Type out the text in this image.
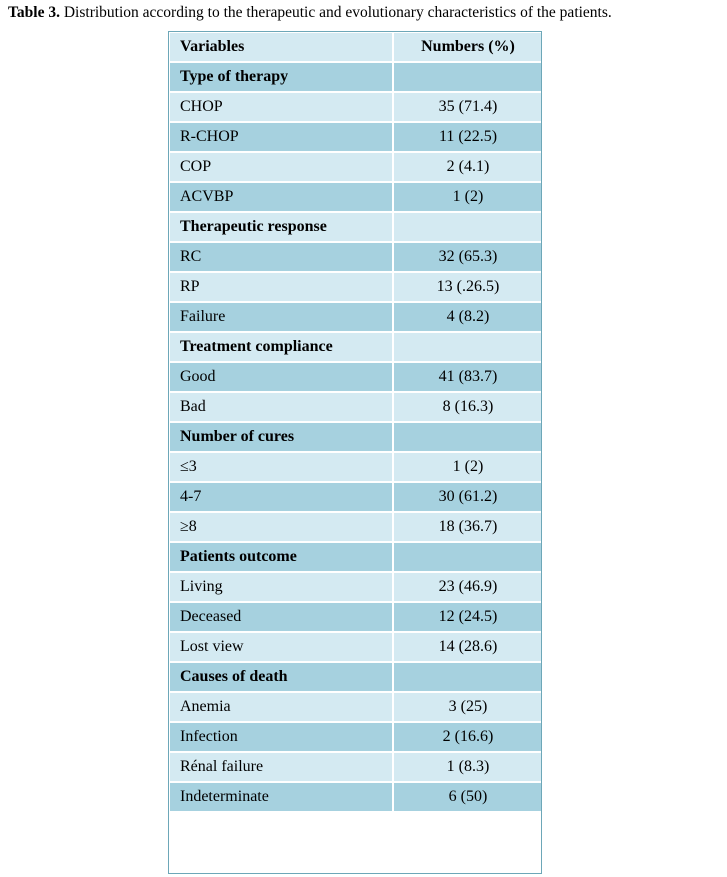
Table 3. Distribution according to the therapeutic and evolutionary characteristics of the patients.
Variables	Numbers (%)
Type of therapy	
CHOP	35 (71.4)
R-CHOP	11 (22.5)
COP	2 (4.1)
ACVBP	1 (2)
Therapeutic response	
RC	32 (65.3)
RP	13 (.26.5)
Failure	4 (8.2)
Treatment compliance	
Good	41 (83.7)
Bad	8 (16.3)
Number of cures	
≤3	1 (2)
4-7	30 (61.2)
≥8	18 (36.7)
Patients outcome	
Living	23 (46.9)
Deceased	12 (24.5)
Lost view	14 (28.6)
Causes of death	
Anemia	3 (25)
Infection	2 (16.6)
Rénal failure	1 (8.3)
Indeterminate	6 (50)
